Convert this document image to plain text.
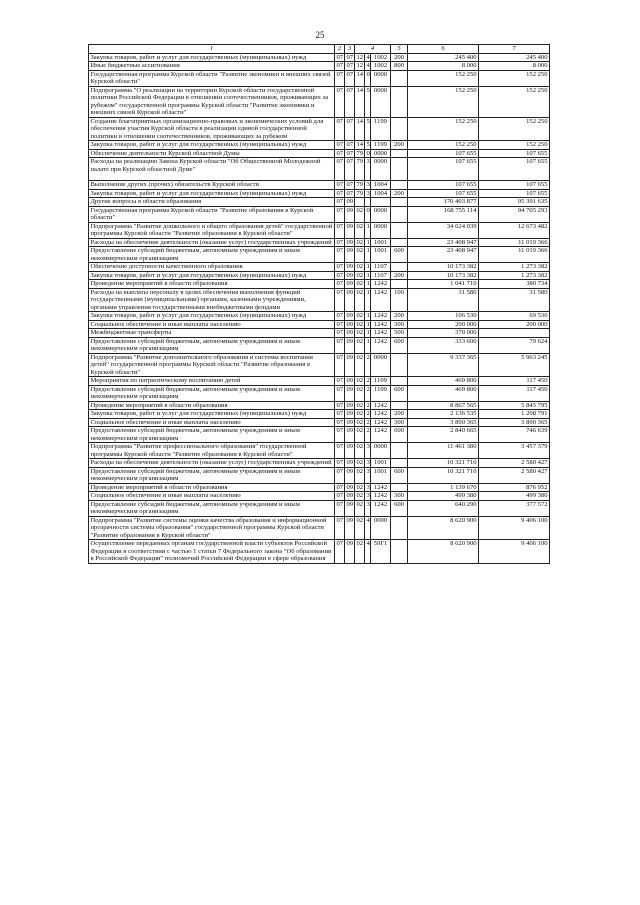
25
1	2	3	4			5	6	7
Закупка товаров, работ и услуг для государственных (муниципальных) нужд	07	07	12	4	1002	200	245 400	245 400
Иные бюджетные ассигнования	07	07	12	4	1002	800	8 000	8 000
Государственная программа Курской области "Развитие экономики и внешних связей Курской области"	07	07	14	0	0000		152 250	152 250
Подпрограмма "О реализации на территории Курской области государственной политики Российской Федерации в отношении соотечественников, проживающих за рубежом" государственной программы Курской области "Развитие экономики и внешних связей Курской области"	07	07	14	5	0000		152 250	152 250
Создание благоприятных организационно-правовых и экономических условий для обеспечения участия Курской области в реализации единой государственной политики в отношении соотечественников, проживающих за рубежом	07	07	14	5	1199		152 250	152 250
Закупка товаров, работ и услуг для государственных (муниципальных) нужд	07	07	14	5	1199	200	152 250	152 250
Обеспечение деятельности Курской областной Думы	07	07	79	0	0000		107 655	107 655
Расходы на реализацию Закона Курской области "Об Общественной Молодежной палате при Курской областной Думе"	07	07	79	3	0000		107 655	107 655
Выполнение других (прочих) обязательств Курской области	07	07	79	3	1004		107 655	107 655
Закупка товаров, работ и услуг для государственных (муниципальных) нужд	07	07	79	3	1004	200	107 655	107 655
Другие вопросы в области образования	07	09					170 403 877	95 391 635
Государственная программа Курской области "Развитие образования в Курской области"	07	09	02	0	0000		168 755 114	94 705 293
Подпрограмма "Развитие дошкольного и общего образования детей" государственной программы Курской области "Развитие образования в Курской области"	07	09	02	1	0000		34 624 039	12 673 482
Расходы на обеспечение деятельности (оказание услуг) государственных учреждений	07	09	02	1	1001		23 408 947	11 019 366
Предоставление субсидий бюджетным, автономным учреждениям и иным некоммерческим организациям	07	09	02	1	1001	600	23 408 947	11 019 366
Обеспечение доступности качественного образования	07	09	02	1	1107		10 173 382	1 273 382
Закупка товаров, работ и услуг для государственных (муниципальных) нужд	07	09	02	1	1107	200	10 173 382	1 273 382
Проведение мероприятий в области образования	07	09	02	1	1242		1 041 710	380 734
Расходы на выплаты персоналу в целях обеспечения выполнения функций государственными (муниципальными) органами, казенными учреждениями, органами управления государственными внебюджетными фондами	07	09	02	1	1242	100	31 580	31 580
Закупка товаров, работ и услуг для государственных (муниципальных) нужд	07	09	02	1	1242	200	106 530	69 530
Социальное обеспечение и иные выплаты населению	07	09	02	1	1242	300	200 000	200 000
Межбюджетные трансферты	07	09	02	1	1242	500	370 000	
Предоставление субсидий бюджетным, автономным учреждениям и иным некоммерческим организациям	07	09	02	1	1242	600	333 600	79 624
Подпрограмма "Развитие дополнительного образования и системы воспитания детей" государственной программы Курской области "Развитие образования в Курской области"	07	09	02	2	0000		9 337 365	5 963 245
Мероприятия по патриотическому воспитанию детей	07	09	02	2	1109		469 800	117 450
Предоставление субсидий бюджетным, автономным учреждениям и иным некоммерческим организациям	07	09	02	2	1109	600	469 800	117 450
Проведение мероприятий в области образования	07	09	02	2	1242		8 867 565	5 845 795
Закупка товаров, работ и услуг для государственных (муниципальных) нужд	07	09	02	2	1242	200	2 136 535	1 208 791
Социальное обеспечение и иные выплаты населению	07	09	02	2	1242	300	3 890 365	3 890 365
Предоставление субсидий бюджетным, автономным учреждениям и иным некоммерческим организациям	07	09	02	2	1242	600	2 840 665	746 639
Подпрограмма "Развитие профессионального образования" государственной программы Курской области "Развитие образования в Курской области"	07	09	02	3	0000		11 461 380	3 457 379
Расходы на обеспечение деятельности (оказание услуг) государственных учреждений	07	09	02	3	1001		10 321 710	2 580 427
Предоставление субсидий бюджетным, автономным учреждениям и иным некоммерческим организациям	07	09	02	3	1001	600	10 321 710	2 580 427
Проведение мероприятий в области образования	07	09	02	3	1242		1 139 670	876 952
Социальное обеспечение и иные выплаты населению	07	09	02	3	1242	300	499 380	499 380
Предоставление субсидий бюджетным, автономным учреждениям и иным некоммерческим организациям	07	09	02	3	1242	600	640 290	377 572
Подпрограмма "Развитие системы оценки качества образования и информационной прозрачности системы образования" государственной программы Курской области "Развитие образования в Курской области"	07	09	02	4	0000		8 620 900	9 406 100
Осуществление переданных органам государственной власти субъектов Российской Федерации в соответствии с частью 1 статьи 7 Федерального закона "Об образовании в Российской Федерации" полномочий Российской Федерации в сфере образования	07	09	02	4	59Г1		8 620 900	9 406 100
